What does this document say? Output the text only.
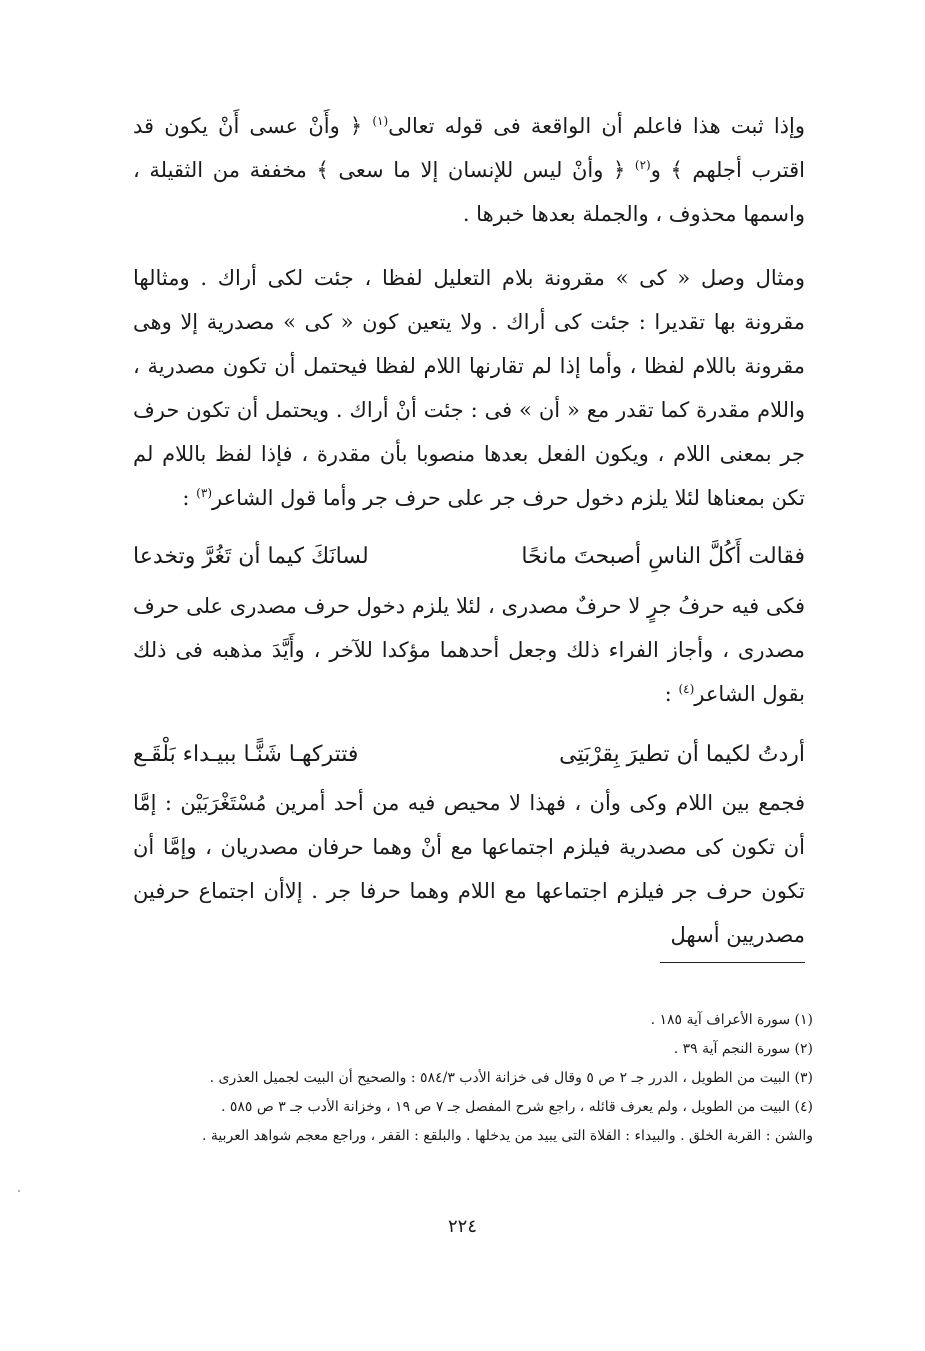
وإذا ثبت هذا فاعلم أن الواقعة فى قوله تعالى$^{(١)}$ ﴿ وأَنْ عسى أَنْ يكون قد اقترب أجلهم ﴾ و$^{(٢)}$ ﴿ وأنْ ليس للإنسان إلا ما سعى ﴾ مخففة من الثقيلة ، واسمها محذوف ، والجملة بعدها خبرها .

ومثال وصل « كى » مقرونة بلام التعليل لفظا ، جئت لكى أراك . ومثالها مقرونة بها تقديرا : جئت كى أراك . ولا يتعين كون « كى » مصدرية إلا وهى مقرونة باللام لفظا ، وأما إذا لم تقارنها اللام لفظا فيحتمل أن تكون مصدرية ، واللام مقدرة كما تقدر مع « أن » فى : جئت أنْ أراك . ويحتمل أن تكون حرف جر بمعنى اللام ، ويكون الفعل بعدها منصوبا بأن مقدرة ، فإذا لفظ باللام لم تكن بمعناها لئلا يلزم دخول حرف جر على حرف جر وأما قول الشاعر$^{(٣)}$ :

فقالت أَكُلَّ الناسِ أصبحتَ مانحًا
لسانَكَ كيما أن تَغُرَّ وتخدعا

فكى فيه حرفُ جرٍ لا حرفٌ مصدرى ، لئلا يلزم دخول حرف مصدرى على حرف مصدرى ، وأجاز الفراء ذلك وجعل أحدهما مؤكدا للآخر ، وأَيَّدَ مذهبه فى ذلك بقول الشاعر$^{(٤)}$ :

أردتُ لكيما أن تطيرَ بِقرْبَتِى
فتتركهـا شَنًّـا ببيـداء بَلْقَـع

فجمع بين اللام وكى وأن ، فهذا لا محيص فيه من أحد أمرين مُسْتَغْرَبَيْن : إمَّا أن تكون كى مصدرية فيلزم اجتماعها مع أنْ وهما حرفان مصدريان ، وإمَّا أن تكون حرف جر فيلزم اجتماعها مع اللام وهما حرفا جر . إلاأن اجتماع حرفين مصدريين أسهل

(١) سورة الأعراف آية ١٨٥ .
(٢) سورة النجم آية ٣٩ .
(٣) البيت من الطويل ، الدرر جـ ٢ ص ٥ وقال فى خزانة الأدب ٥٨٤/٣ : والصحيح أن البيت لجميل العذرى .
(٤) البيت من الطويل ، ولم يعرف قائله ، راجع شرح المفصل جـ ٧ ص ١٩ ، وخزانة الأدب جـ ٣ ص ٥٨٥ .
والشن : القربة الخلق . والبيداء : الفلاة التى يبيد من يدخلها . والبلقع : القفر ، وراجع معجم شواهد العربية .
٢٢٤
